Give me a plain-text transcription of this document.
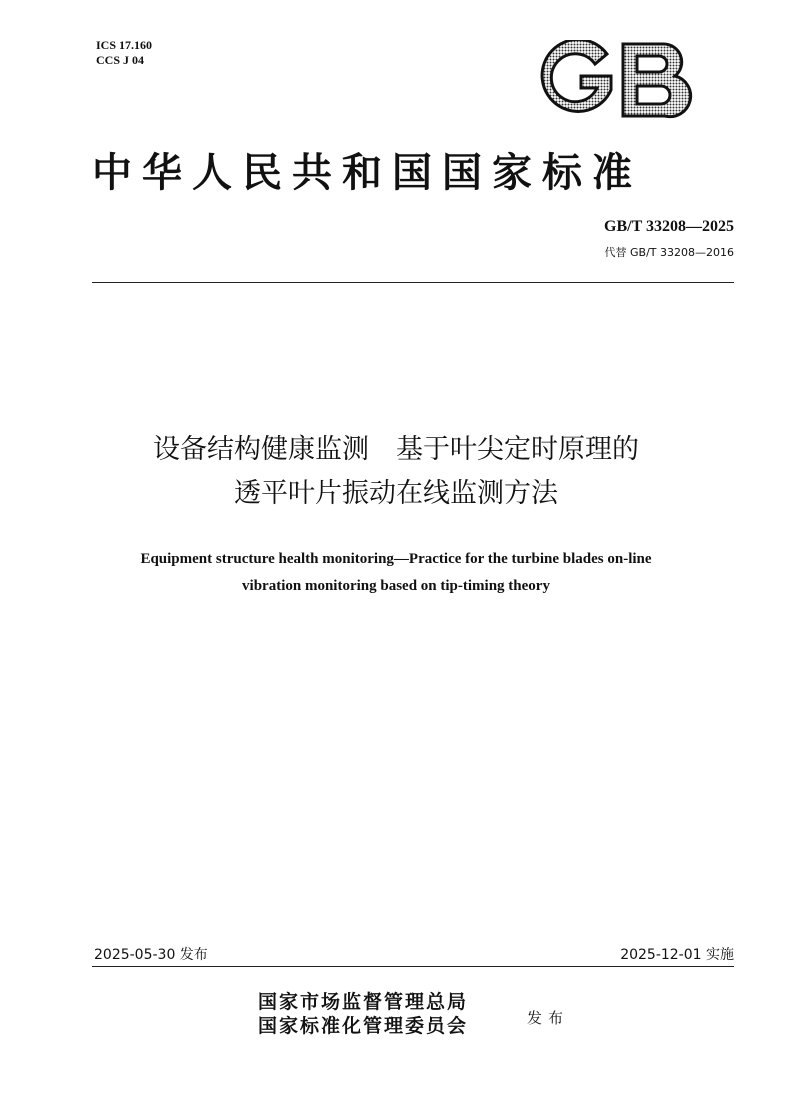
ICS 17.160
CCS J 04
中华人民共和国国家标准
GB/T 33208—2025
代替 GB/T 33208—2016
设备结构健康监测　基于叶尖定时原理的
透平叶片振动在线监测方法
Equipment structure health monitoring—Practice for the turbine blades on-line
vibration monitoring based on tip-timing theory
2025-05-30 发布	2025-12-01 实施
国家市场监督管理总局
国家标准化管理委员会	发布
